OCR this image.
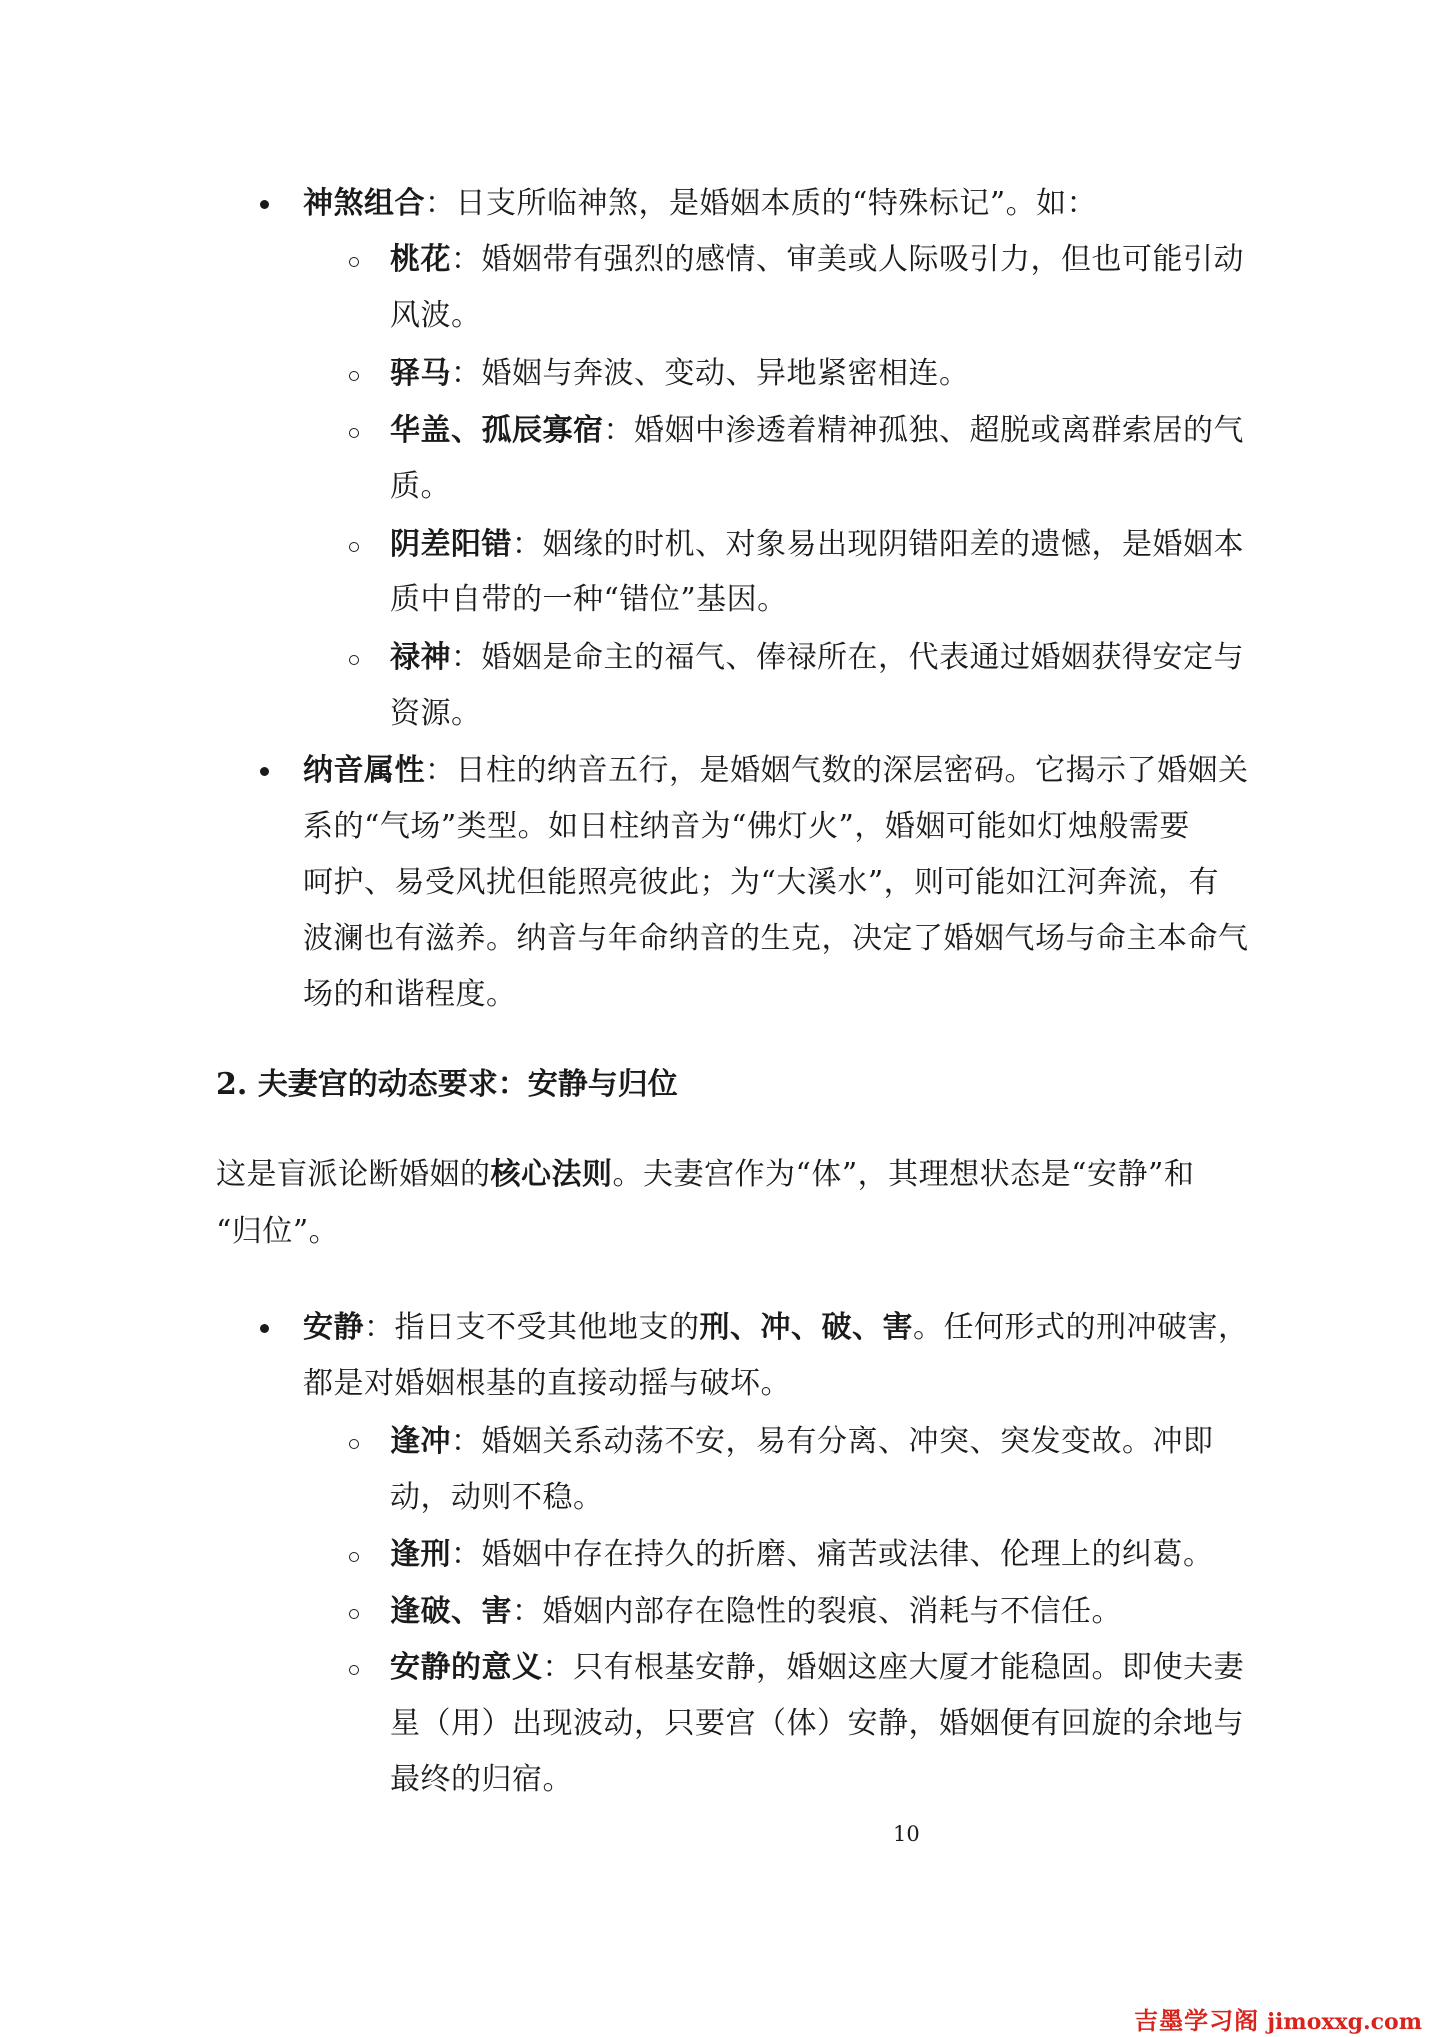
神煞组合：日支所临神煞，是婚姻本质的“特殊标记”。如：
桃花：婚姻带有强烈的感情、审美或人际吸引力，但也可能引动
风波。
驿马：婚姻与奔波、变动、异地紧密相连。
华盖、孤辰寡宿：婚姻中渗透着精神孤独、超脱或离群索居的气
质。
阴差阳错：姻缘的时机、对象易出现阴错阳差的遗憾，是婚姻本
质中自带的一种“错位”基因。
禄神：婚姻是命主的福气、俸禄所在，代表通过婚姻获得安定与
资源。
纳音属性：日柱的纳音五行，是婚姻气数的深层密码。它揭示了婚姻关
系的“气场”类型。如日柱纳音为“佛灯火”，婚姻可能如灯烛般需要
呵护、易受风扰但能照亮彼此；为“大溪水”，则可能如江河奔流，有
波澜也有滋养。纳音与年命纳音的生克，决定了婚姻气场与命主本命气
场的和谐程度。
2. 夫妻宫的动态要求：安静与归位
这是盲派论断婚姻的核心法则。夫妻宫作为“体”，其理想状态是“安静”和
“归位”。
安静：指日支不受其他地支的刑、冲、破、害。任何形式的刑冲破害，
都是对婚姻根基的直接动摇与破坏。
逢冲：婚姻关系动荡不安，易有分离、冲突、突发变故。冲即
动，动则不稳。
逢刑：婚姻中存在持久的折磨、痛苦或法律、伦理上的纠葛。
逢破、害：婚姻内部存在隐性的裂痕、消耗与不信任。
安静的意义：只有根基安静，婚姻这座大厦才能稳固。即使夫妻
星（用）出现波动，只要宫（体）安静，婚姻便有回旋的余地与
最终的归宿。
10
吉墨学习阁 jimoxxg.com
